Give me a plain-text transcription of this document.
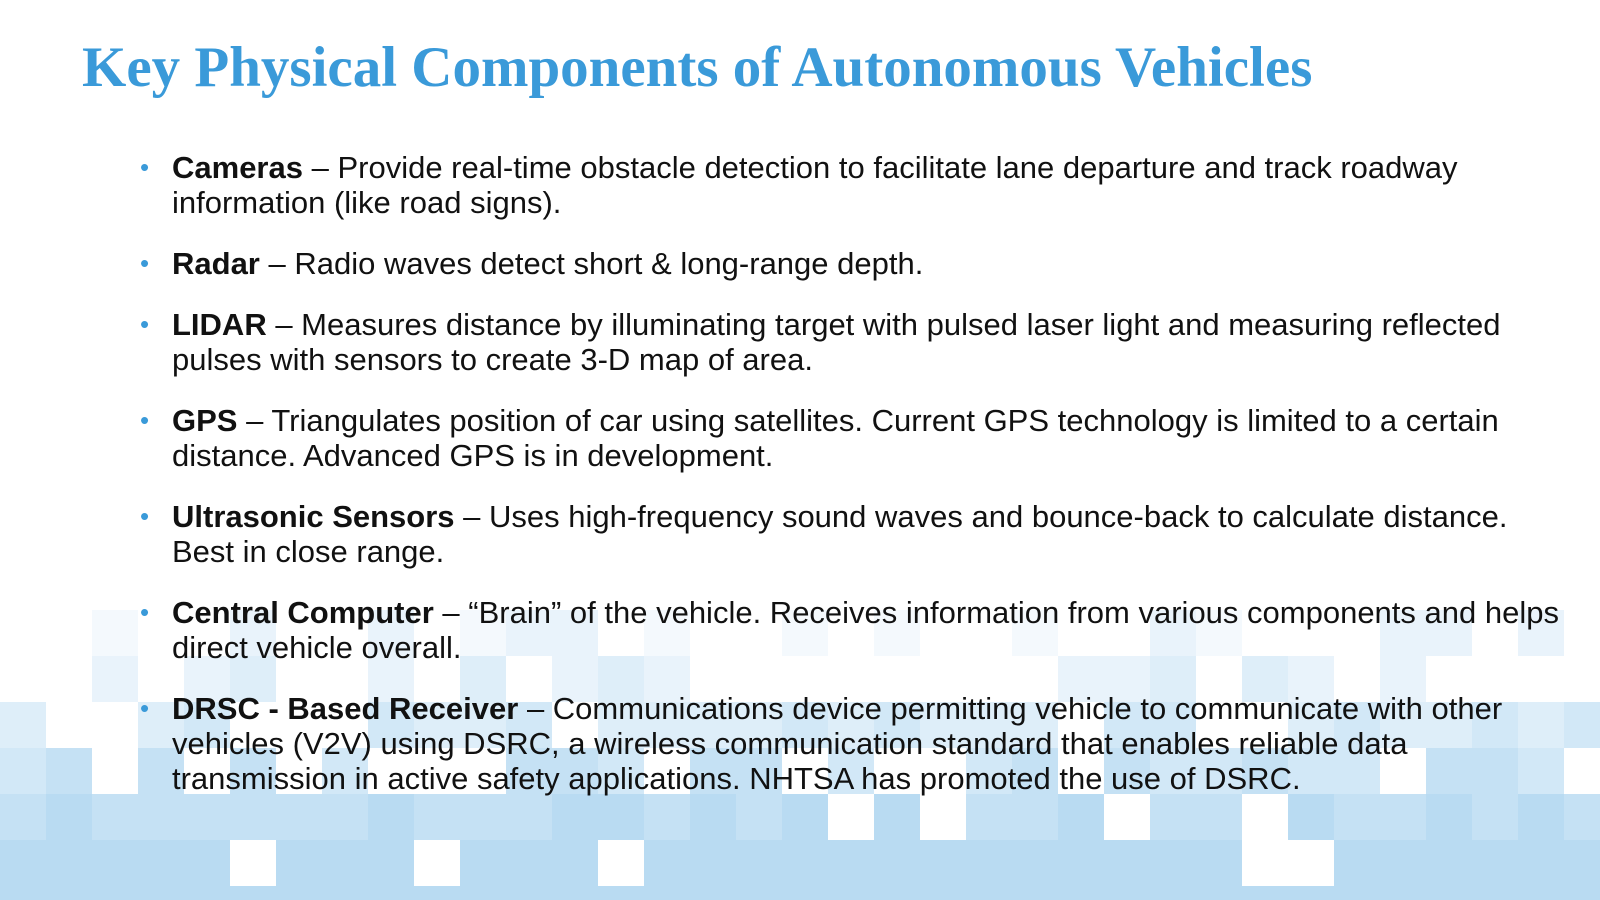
Key Physical Components of Autonomous Vehicles
• Cameras – Provide real-time obstacle detection to facilitate lane departure and track roadway information (like road signs).
• Radar – Radio waves detect short & long-range depth.
• LIDAR – Measures distance by illuminating target with pulsed laser light and measuring reflected pulses with sensors to create 3-D map of area.
• GPS – Triangulates position of car using satellites. Current GPS technology is limited to a certain distance. Advanced GPS is in development.
• Ultrasonic Sensors – Uses high-frequency sound waves and bounce-back to calculate distance. Best in close range.
• Central Computer – “Brain” of the vehicle. Receives information from various components and helps direct vehicle overall.
• DRSC - Based Receiver – Communications device permitting vehicle to communicate with other vehicles (V2V) using DSRC, a wireless communication standard that enables reliable data transmission in active safety applications. NHTSA has promoted the use of DSRC.
